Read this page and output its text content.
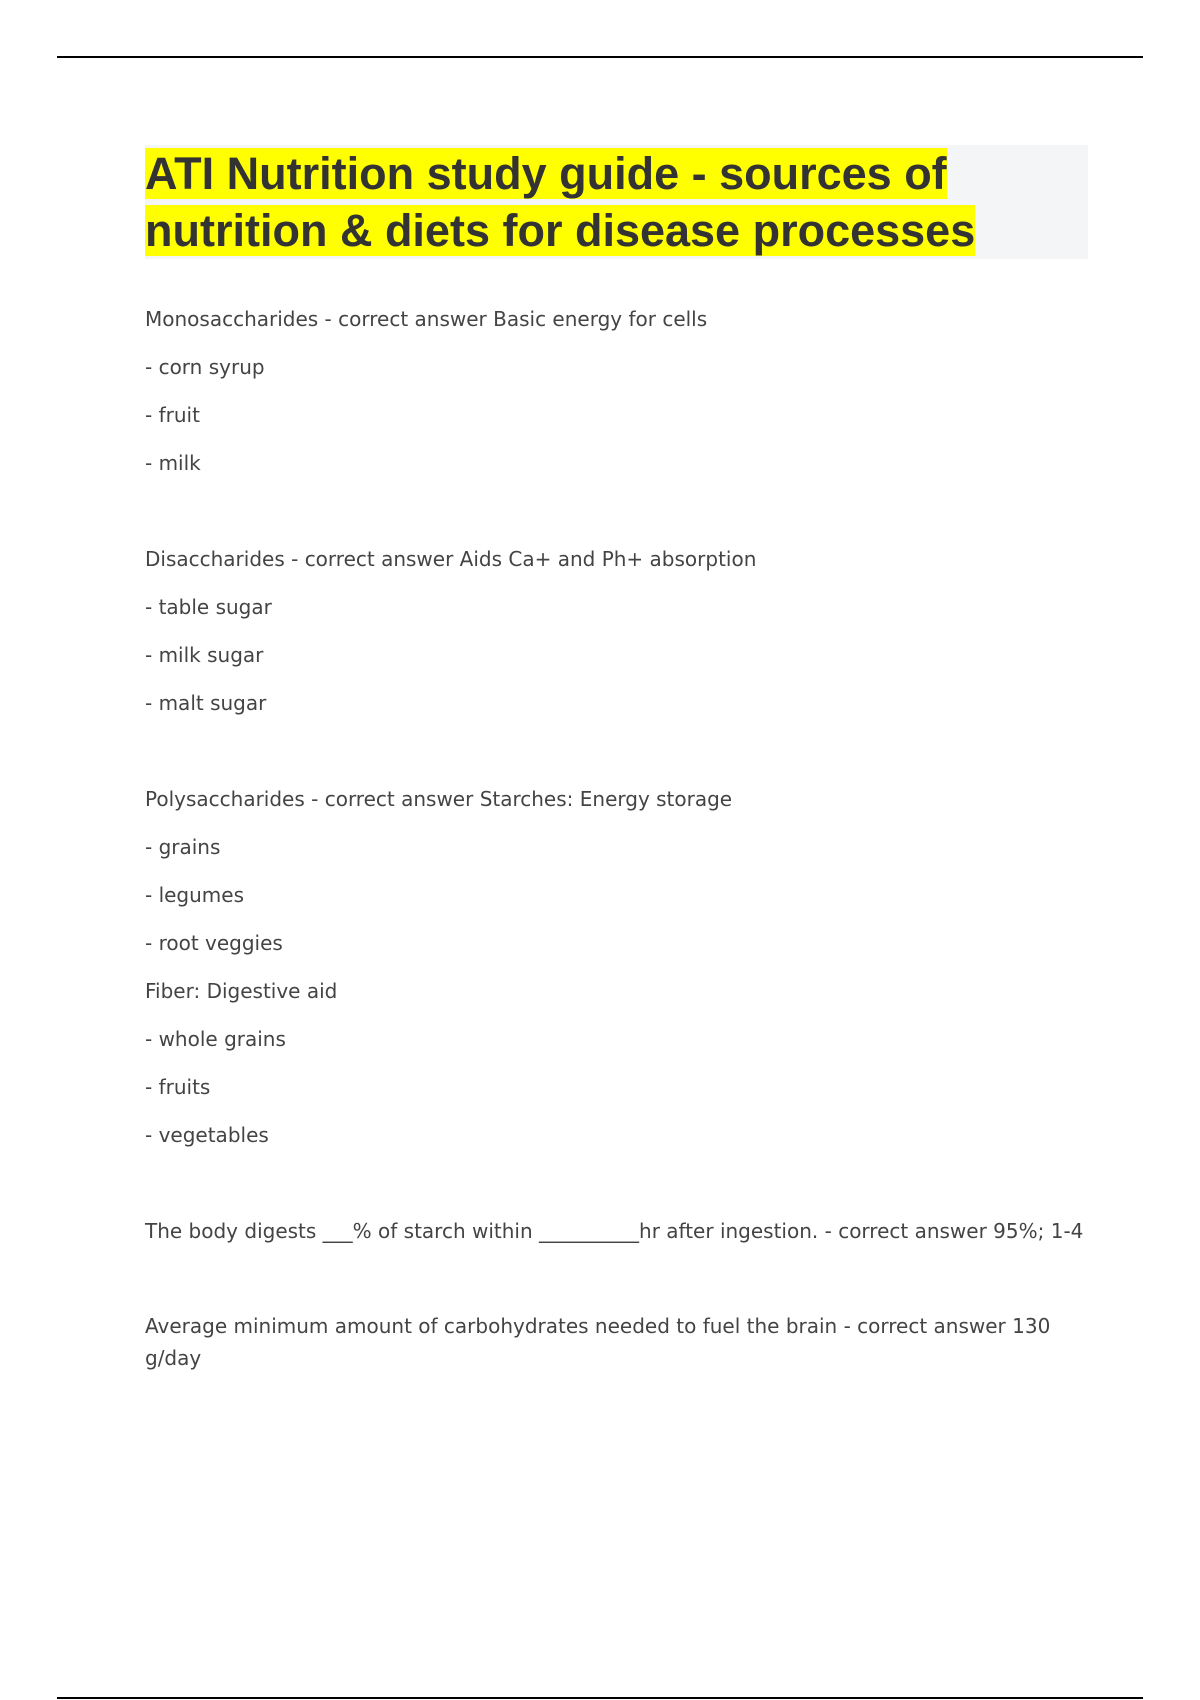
ATI Nutrition study guide - sources of nutrition & diets for disease processes
Monosaccharides - correct answer Basic energy for cells
- corn syrup
- fruit
- milk
Disaccharides - correct answer Aids Ca+ and Ph+ absorption
- table sugar
- milk sugar
- malt sugar
Polysaccharides - correct answer Starches: Energy storage
- grains
- legumes
- root veggies
Fiber: Digestive aid
- whole grains
- fruits
- vegetables
The body digests ___% of starch within __________hr after ingestion. - correct answer 95%; 1-4
Average minimum amount of carbohydrates needed to fuel the brain - correct answer 130 g/day
